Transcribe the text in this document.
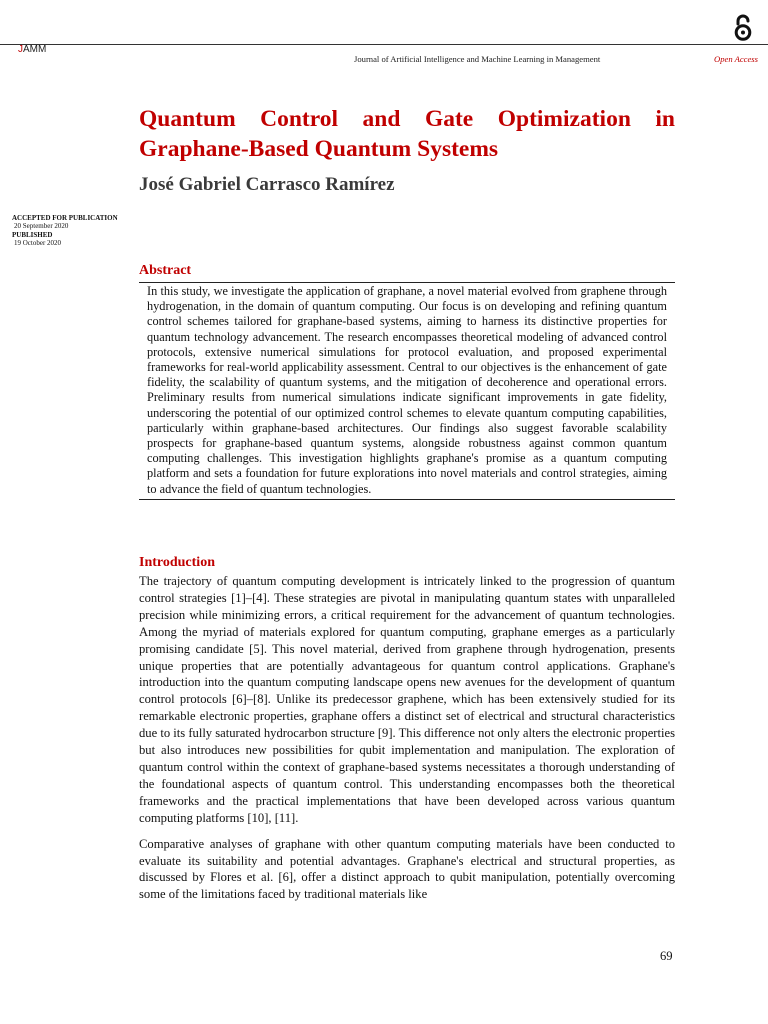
JAMM
Journal of Artificial Intelligence and Machine Learning in Management	Open Access
Quantum Control and Gate Optimization in Graphane-Based Quantum Systems
José Gabriel Carrasco Ramírez
ACCEPTED FOR PUBLICATION
20 September 2020
PUBLISHED
19 October 2020
Abstract

In this study, we investigate the application of graphane, a novel material evolved from graphene through hydrogenation, in the domain of quantum computing. Our focus is on developing and refining quantum control schemes tailored for graphane-based systems, aiming to harness its distinctive properties for quantum technology advancement. The research encompasses theoretical modeling of advanced control protocols, extensive numerical simulations for protocol evaluation, and proposed experimental frameworks for real-world applicability assessment. Central to our objectives is the enhancement of gate fidelity, the scalability of quantum systems, and the mitigation of decoherence and operational errors. Preliminary results from numerical simulations indicate significant improvements in gate fidelity, underscoring the potential of our optimized control schemes to elevate quantum computing capabilities, particularly within graphane-based architectures. Our findings also suggest favorable scalability prospects for graphane-based quantum systems, alongside robustness against common quantum computing challenges. This investigation highlights graphane's promise as a quantum computing platform and sets a foundation for future explorations into novel materials and control strategies, aiming to advance the field of quantum technologies.

Introduction

The trajectory of quantum computing development is intricately linked to the progression of quantum control strategies [1]–[4]. These strategies are pivotal in manipulating quantum states with unparalleled precision while minimizing errors, a critical requirement for the advancement of quantum technologies. Among the myriad of materials explored for quantum computing, graphane emerges as a particularly promising candidate [5]. This novel material, derived from graphene through hydrogenation, presents unique properties that are potentially advantageous for quantum control applications. Graphane's introduction into the quantum computing landscape opens new avenues for the development of quantum control protocols [6]–[8]. Unlike its predecessor graphene, which has been extensively studied for its remarkable electronic properties, graphane offers a distinct set of electrical and structural characteristics due to its fully saturated hydrocarbon structure [9]. This difference not only alters the electronic properties but also introduces new possibilities for qubit implementation and manipulation. The exploration of quantum control within the context of graphane-based systems necessitates a thorough understanding of the foundational aspects of quantum control. This understanding encompasses both the theoretical frameworks and the practical implementations that have been developed across various quantum computing platforms [10], [11].

Comparative analyses of graphane with other quantum computing materials have been conducted to evaluate its suitability and potential advantages. Graphane's electrical and structural properties, as discussed by Flores et al. [6], offer a distinct approach to qubit manipulation, potentially overcoming some of the limitations faced by traditional materials like

69
